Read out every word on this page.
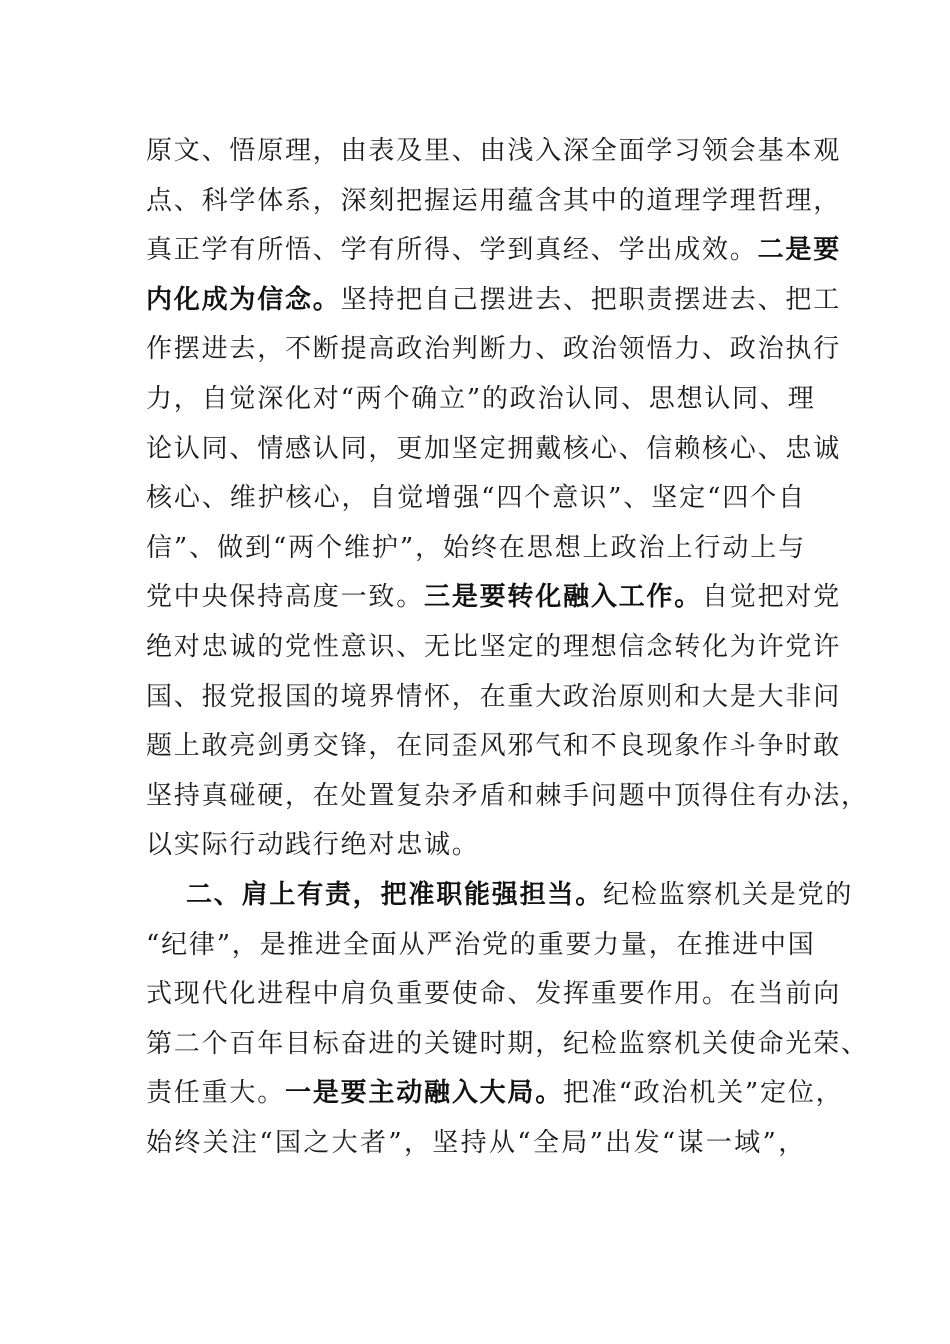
原文、悟原理，由表及里、由浅入深全面学习领会基本观
点、科学体系，深刻把握运用蕴含其中的道理学理哲理，
真正学有所悟、学有所得、学到真经、学出成效。二是要
内化成为信念。坚持把自己摆进去、把职责摆进去、把工
作摆进去，不断提高政治判断力、政治领悟力、政治执行
力，自觉深化对“两个确立”的政治认同、思想认同、理
论认同、情感认同，更加坚定拥戴核心、信赖核心、忠诚
核心、维护核心，自觉增强“四个意识”、坚定“四个自
信”、做到“两个维护”，始终在思想上政治上行动上与
党中央保持高度一致。三是要转化融入工作。自觉把对党
绝对忠诚的党性意识、无比坚定的理想信念转化为许党许
国、报党报国的境界情怀，在重大政治原则和大是大非问
题上敢亮剑勇交锋，在同歪风邪气和不良现象作斗争时敢
坚持真碰硬，在处置复杂矛盾和棘手问题中顶得住有办法，
以实际行动践行绝对忠诚。

二、肩上有责，把准职能强担当。纪检监察机关是党的
“纪律”，是推进全面从严治党的重要力量，在推进中国
式现代化进程中肩负重要使命、发挥重要作用。在当前向
第二个百年目标奋进的关键时期，纪检监察机关使命光荣、
责任重大。一是要主动融入大局。把准“政治机关”定位，
始终关注“国之大者”，坚持从“全局”出发“谋一域”，
